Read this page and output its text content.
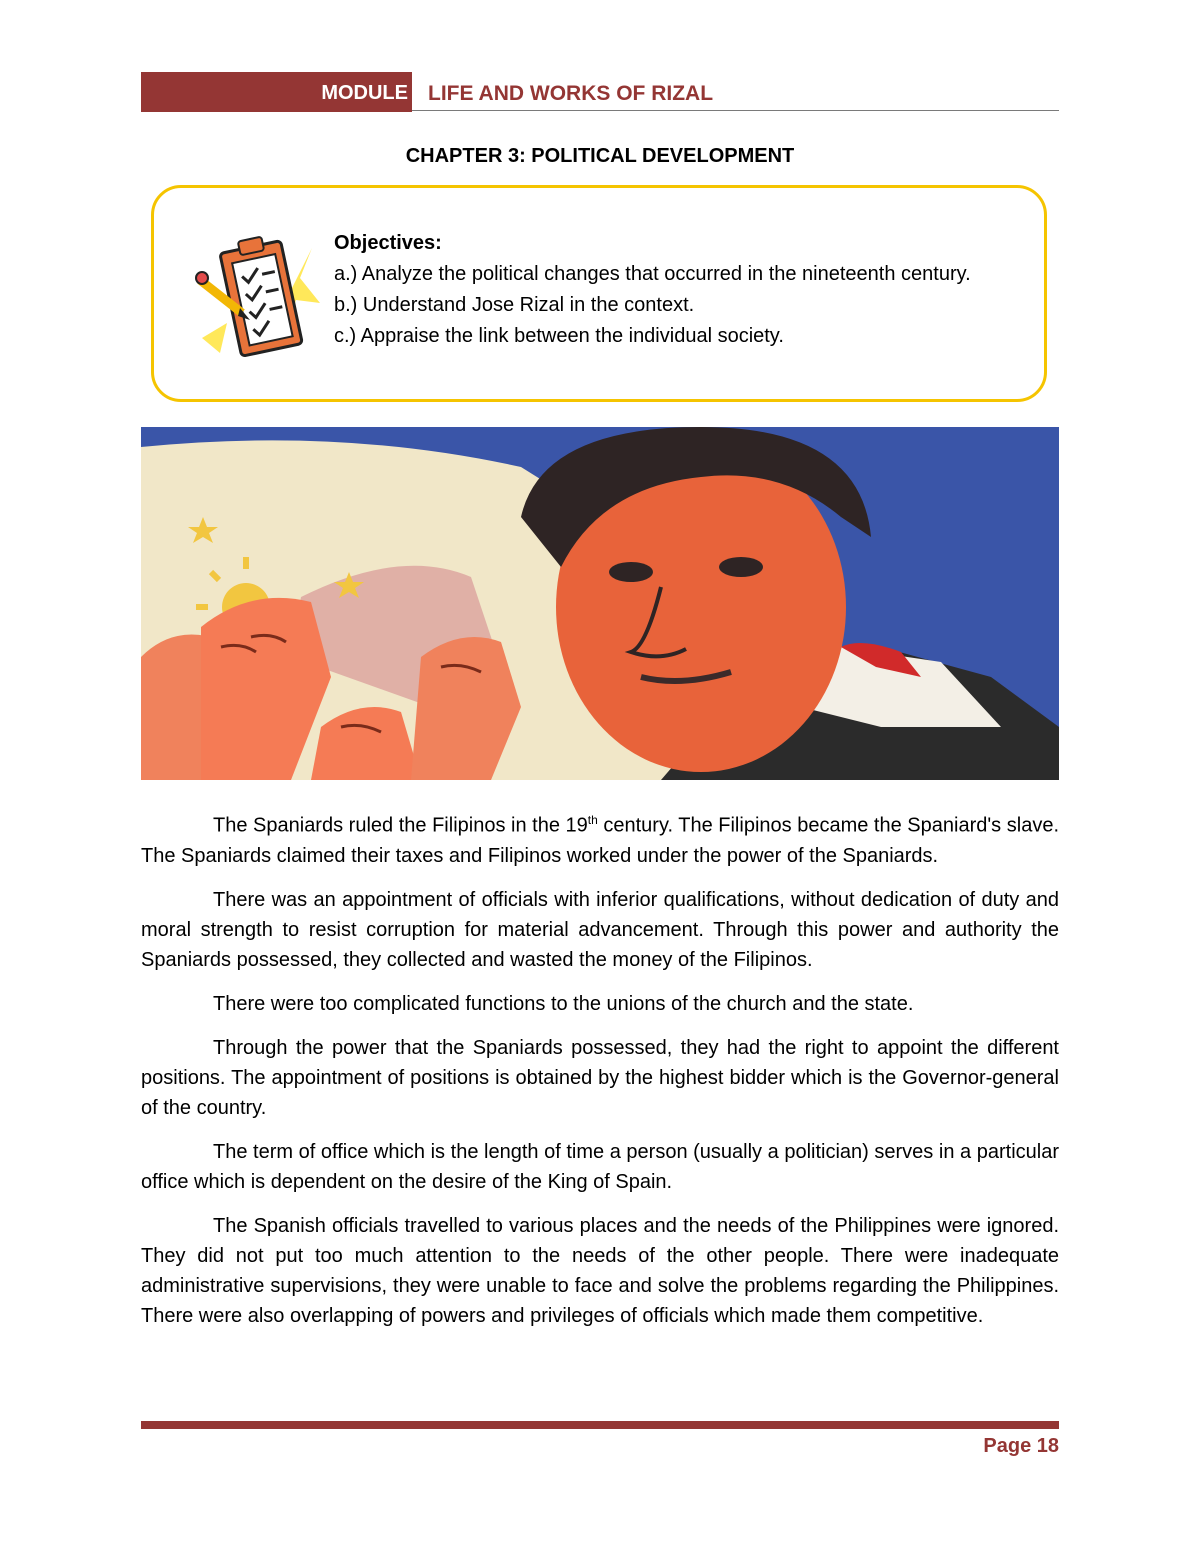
MODULE LIFE AND WORKS OF RIZAL
CHAPTER 3: POLITICAL DEVELOPMENT
Objectives:
a.) Analyze the political changes that occurred in the nineteenth century.
b.) Understand Jose Rizal in the context.
c.) Appraise the link between the individual society.

The Spaniards ruled the Filipinos in the 19th century. The Filipinos became the Spaniard's slave. The Spaniards claimed their taxes and Filipinos worked under the power of the Spaniards.

There was an appointment of officials with inferior qualifications, without dedication of duty and moral strength to resist corruption for material advancement. Through this power and authority the Spaniards possessed, they collected and wasted the money of the Filipinos.

There were too complicated functions to the unions of the church and the state.

Through the power that the Spaniards possessed, they had the right to appoint the different positions. The appointment of positions is obtained by the highest bidder which is the Governor-general of the country.

The term of office which is the length of time a person (usually a politician) serves in a particular office which is dependent on the desire of the King of Spain.

The Spanish officials travelled to various places and the needs of the Philippines were ignored. They did not put too much attention to the needs of the other people. There were inadequate administrative supervisions, they were unable to face and solve the problems regarding the Philippines. There were also overlapping of powers and privileges of officials which made them competitive.

Page 18
